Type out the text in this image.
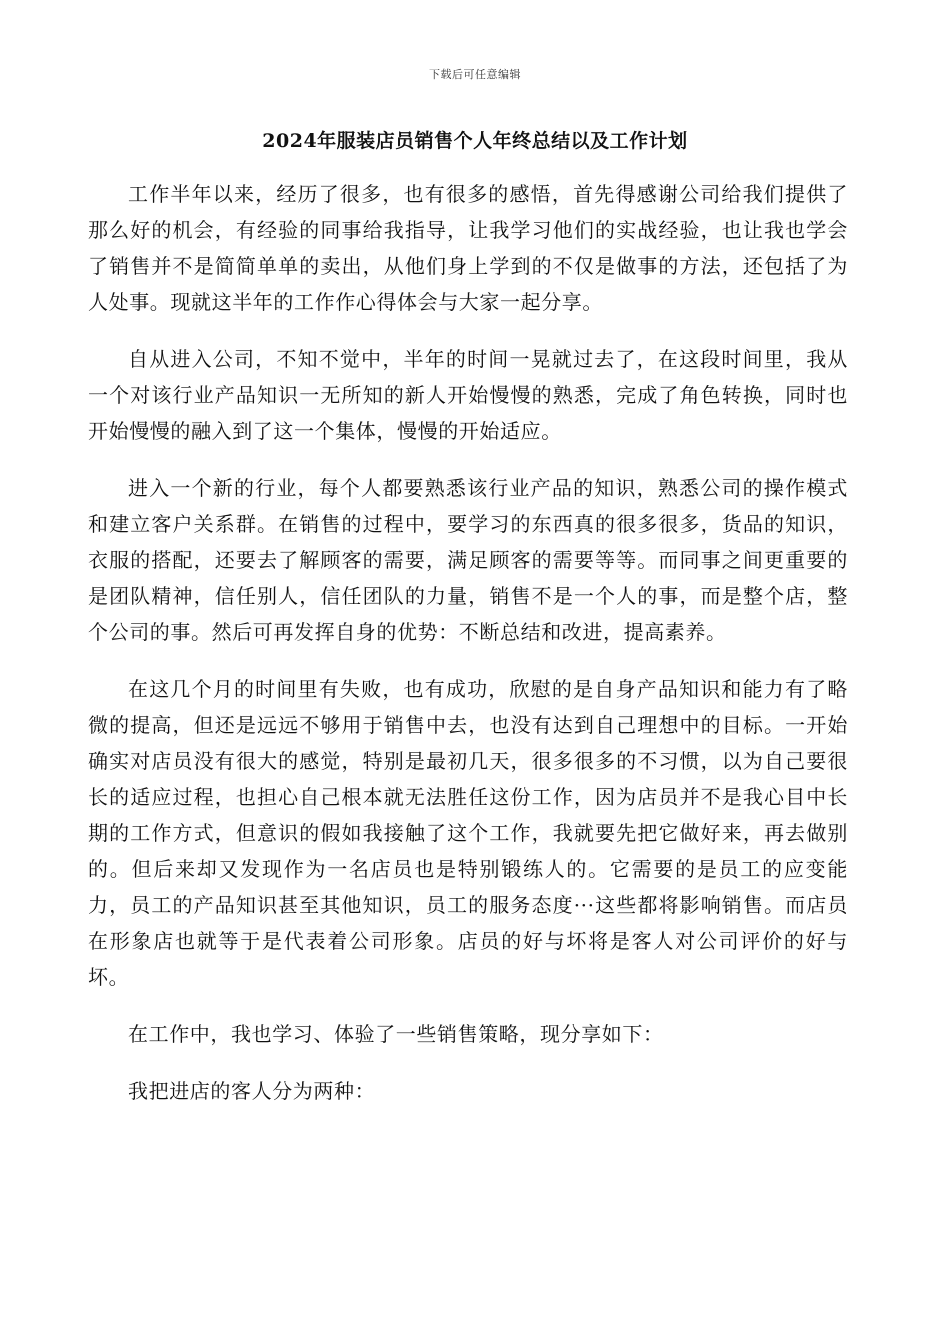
下载后可任意编辑
2024年服装店员销售个人年终总结以及工作计划

工作半年以来，经历了很多，也有很多的感悟，首先得感谢公司给我们提供了那么好的机会，有经验的同事给我指导，让我学习他们的实战经验，也让我也学会了销售并不是简简单单的卖出，从他们身上学到的不仅是做事的方法，还包括了为人处事。现就这半年的工作作心得体会与大家一起分享。

自从进入公司，不知不觉中，半年的时间一晃就过去了，在这段时间里，我从一个对该行业产品知识一无所知的新人开始慢慢的熟悉，完成了角色转换，同时也开始慢慢的融入到了这一个集体，慢慢的开始适应。

进入一个新的行业，每个人都要熟悉该行业产品的知识，熟悉公司的操作模式和建立客户关系群。在销售的过程中，要学习的东西真的很多很多，货品的知识，衣服的搭配，还要去了解顾客的需要，满足顾客的需要等等。而同事之间更重要的是团队精神，信任别人，信任团队的力量，销售不是一个人的事，而是整个店，整个公司的事。然后可再发挥自身的优势：不断总结和改进，提高素养。

在这几个月的时间里有失败，也有成功，欣慰的是自身产品知识和能力有了略微的提高，但还是远远不够用于销售中去，也没有达到自己理想中的目标。一开始确实对店员没有很大的感觉，特别是最初几天，很多很多的不习惯，以为自己要很长的适应过程，也担心自己根本就无法胜任这份工作，因为店员并不是我心目中长期的工作方式，但意识的假如我接触了这个工作，我就要先把它做好来，再去做别的。但后来却又发现作为一名店员也是特别锻练人的。它需要的是员工的应变能力，员工的产品知识甚至其他知识，员工的服务态度···这些都将影响销售。而店员在形象店也就等于是代表着公司形象。店员的好与坏将是客人对公司评价的好与坏。

在工作中，我也学习、体验了一些销售策略，现分享如下：

我把进店的客人分为两种：
